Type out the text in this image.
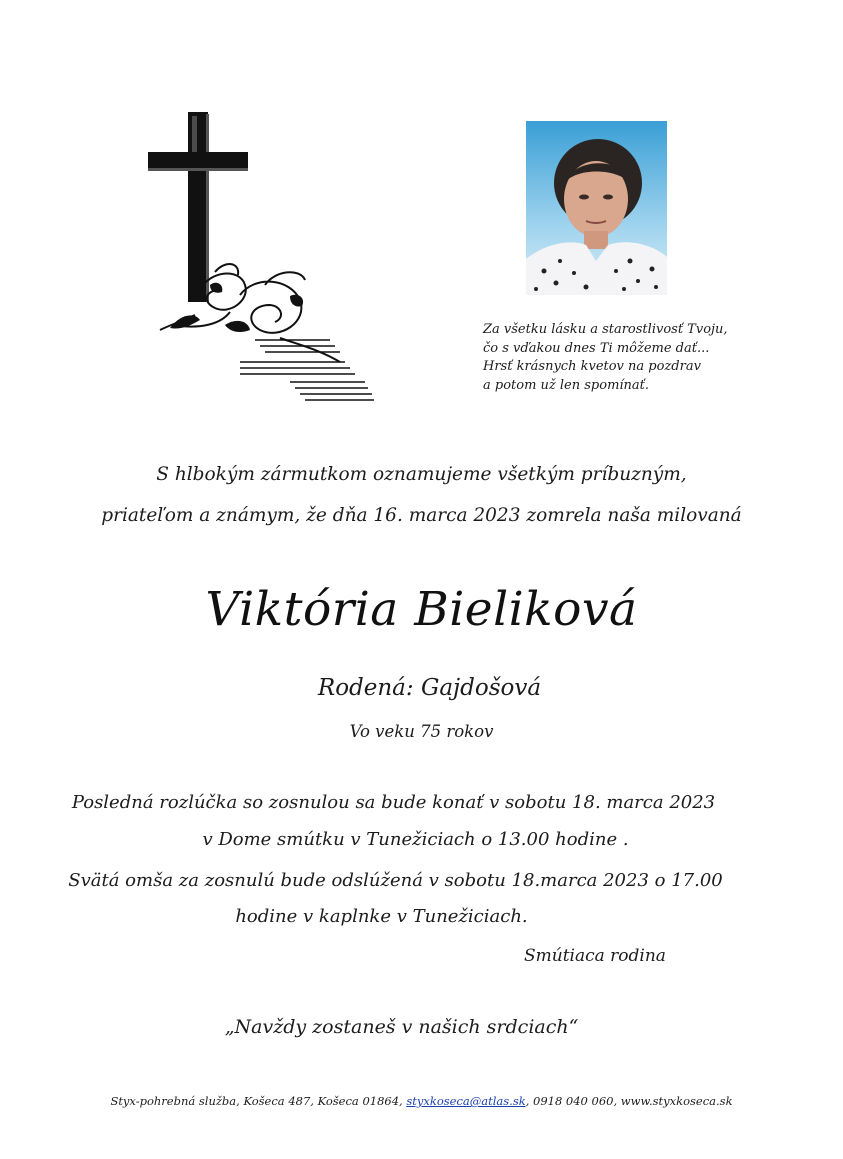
Za všetku lásku a starostlivosť Tvoju,
čo s vďakou dnes Ti môžeme dať...
Hrsť krásnych kvetov na pozdrav
a potom už len spomínať.
S hlbokým zármutkom oznamujeme všetkým príbuzným,
priateľom a známym, že dňa 16. marca 2023 zomrela naša milovaná
Viktória Bieliková
Rodená: Gajdošová
Vo veku 75 rokov
Posledná rozlúčka so zosnulou sa bude konať v sobotu 18. marca 2023
v Dome smútku v Tunežiciach o 13.00 hodine .
Svätá omša za zosnulú bude odslúžená v sobotu 18.marca 2023 o 17.00
hodine v kaplnke v Tunežiciach.
Smútiaca rodina
„Navždy zostaneš v našich srdciach“
Styx-pohrebná služba, Košeca 487, Košeca 01864, styxkoseca@atlas.sk, 0918 040 060, www.styxkoseca.sk
